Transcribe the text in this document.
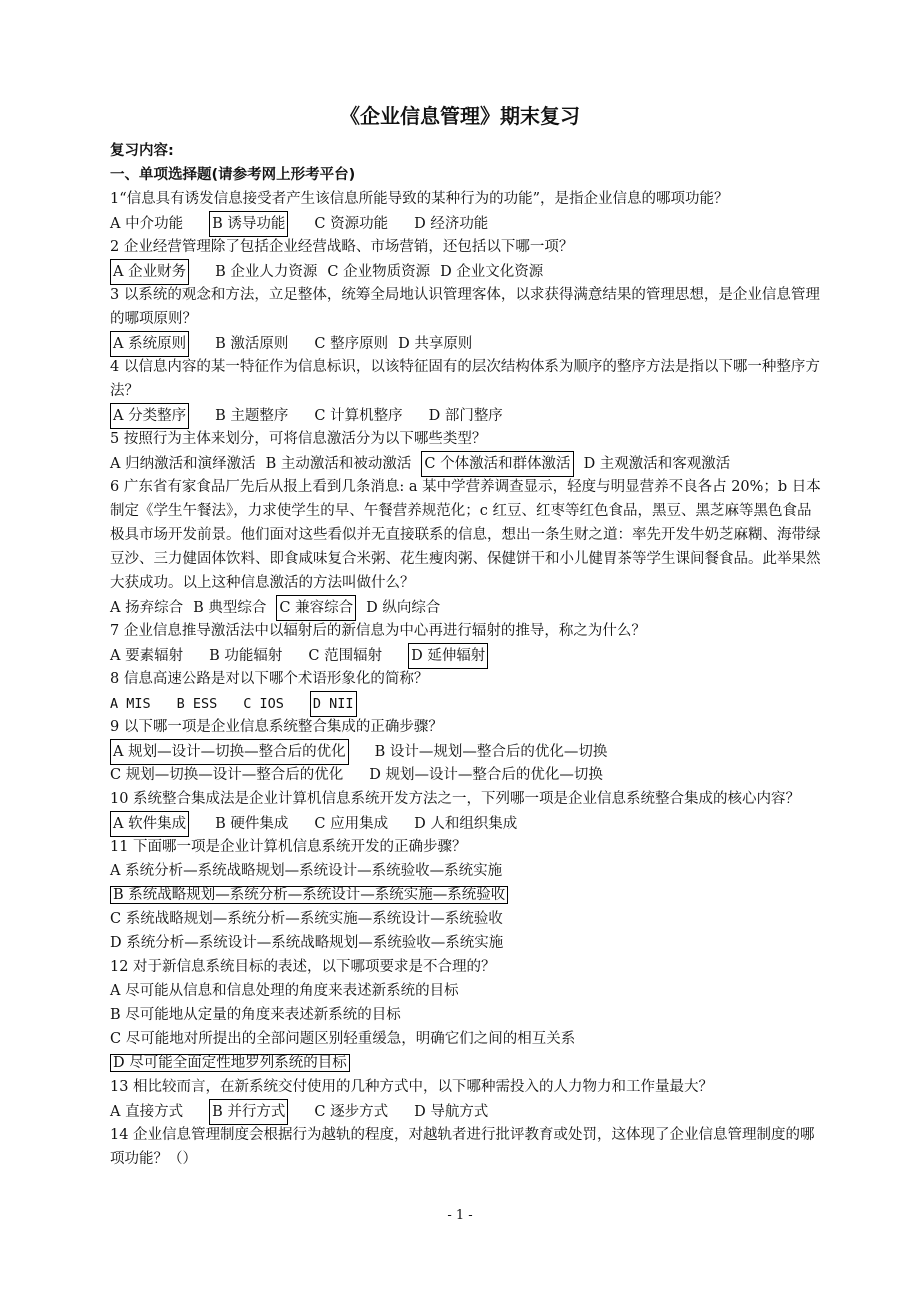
《企业信息管理》期末复习
复习内容:
一、单项选择题(请参考网上形考平台)
1“信息具有诱发信息接受者产生该信息所能导致的某种行为的功能”，是指企业信息的哪项功能？
A 中介功能 B 诱导功能 C 资源功能 D 经济功能
2 企业经营管理除了包括企业经营战略、市场营销，还包括以下哪一项？
A 企业财务 B 企业人力资源 C 企业物质资源 D 企业文化资源
3 以系统的观念和方法，立足整体，统筹全局地认识管理客体，以求获得满意结果的管理思想，是企业信息管理的哪项原则？
A 系统原则 B 激活原则 C 整序原则 D 共享原则
4 以信息内容的某一特征作为信息标识，以该特征固有的层次结构体系为顺序的整序方法是指以下哪一种整序方法？
A 分类整序 B 主题整序 C 计算机整序 D 部门整序
5 按照行为主体来划分，可将信息激活分为以下哪些类型？
A 归纳激活和演绎激活 B 主动激活和被动激活 C 个体激活和群体激活 D 主观激活和客观激活
6 广东省有家食品厂先后从报上看到几条消息: a 某中学营养调查显示，轻度与明显营养不良各占 20%；b 日本制定《学生午餐法》，力求使学生的早、午餐营养规范化；c 红豆、红枣等红色食品，黑豆、黑芝麻等黑色食品极具市场开发前景。他们面对这些看似并无直接联系的信息，想出一条生财之道：率先开发牛奶芝麻糊、海带绿豆沙、三力健固体饮料、即食咸味复合米粥、花生瘦肉粥、保健饼干和小儿健胃茶等学生课间餐食品。此举果然大获成功。以上这种信息激活的方法叫做什么？
A 扬弃综合 B 典型综合 C 兼容综合 D 纵向综合
7 企业信息推导激活法中以辐射后的新信息为中心再进行辐射的推导，称之为什么？
A 要素辐射 B 功能辐射 C 范围辐射 D 延伸辐射
8 信息高速公路是对以下哪个术语形象化的简称？
A MIS B ESS C IOS D NII
9 以下哪一项是企业信息系统整合集成的正确步骤？
A 规划—设计—切换—整合后的优化 B 设计—规划—整合后的优化—切换
C 规划—切换—设计—整合后的优化 D 规划—设计—整合后的优化—切换
10 系统整合集成法是企业计算机信息系统开发方法之一，下列哪一项是企业信息系统整合集成的核心内容？
A 软件集成 B 硬件集成 C 应用集成 D 人和组织集成
11 下面哪一项是企业计算机信息系统开发的正确步骤？
A 系统分析—系统战略规划—系统设计—系统验收—系统实施
B 系统战略规划—系统分析—系统设计—系统实施—系统验收
C 系统战略规划—系统分析—系统实施—系统设计—系统验收
D 系统分析—系统设计—系统战略规划—系统验收—系统实施
12 对于新信息系统目标的表述，以下哪项要求是不合理的？
A 尽可能从信息和信息处理的角度来表述新系统的目标
B 尽可能地从定量的角度来表述新系统的目标
C 尽可能地对所提出的全部问题区别轻重缓急，明确它们之间的相互关系
D 尽可能全面定性地罗列系统的目标
13 相比较而言，在新系统交付使用的几种方式中，以下哪种需投入的人力物力和工作量最大？
A 直接方式 B 并行方式 C 逐步方式 D 导航方式
14 企业信息管理制度会根据行为越轨的程度，对越轨者进行批评教育或处罚，这体现了企业信息管理制度的哪项功能？（）
- 1 -
